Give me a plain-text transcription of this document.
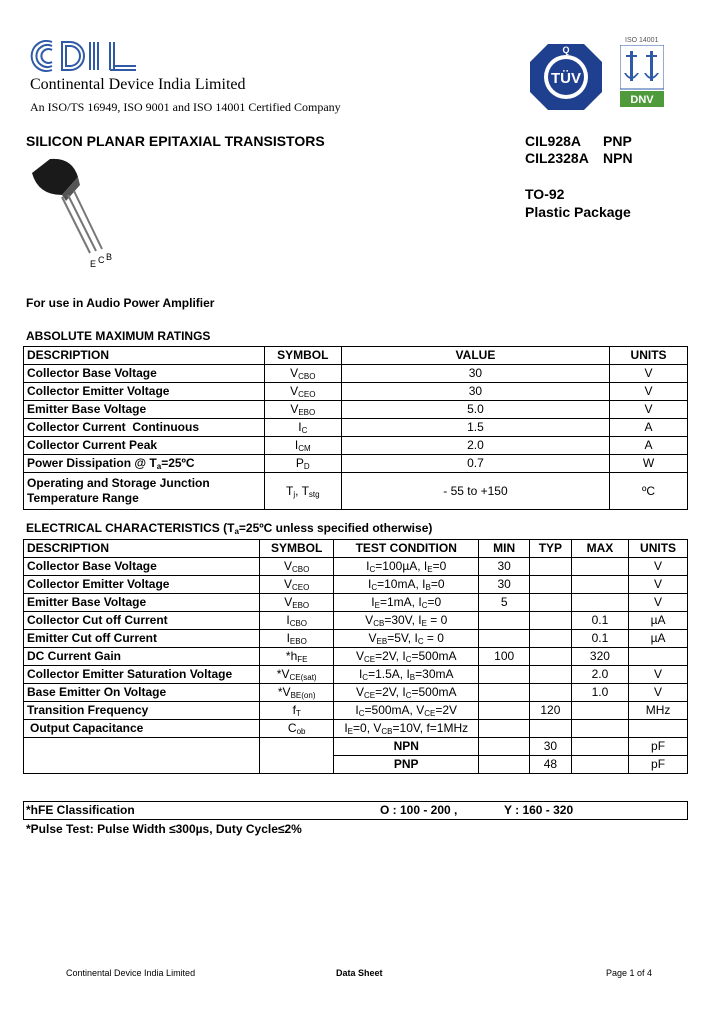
Continental Device India Limited
An ISO/TS 16949, ISO 9001 and ISO 14001 Certified Company
TÜV
Q
ISO 14001
DNV
SILICON PLANAR EPITAXIAL TRANSISTORS	CIL928A PNP
CIL2328A NPN
TO-92
Plastic Package
E C B
For use in Audio Power Amplifier
ABSOLUTE MAXIMUM RATINGS
DESCRIPTION	SYMBOL	VALUE	UNITS
Collector Base Voltage	$V_{CBO}$	30	V
Collector Emitter Voltage	$V_{CEO}$	30	V
Emitter Base Voltage	$V_{EBO}$	5.0	V
Collector Current  Continuous	$I_C$	1.5	A
Collector Current Peak	$I_{CM}$	2.0	A
Power Dissipation @ $T_a=25ºC$	$P_D$	0.7	W
Operating and Storage Junction
Temperature Range	$T_j$, $T_{stg}$	- 55 to +150	ºC
ELECTRICAL CHARACTERISTICS ($T_a=25ºC$ unless specified otherwise)
DESCRIPTION	SYMBOL	TEST CONDITION	MIN	TYP	MAX	UNITS
Collector Base Voltage	$V_{CBO}$	$I_C=100\mu A$, $I_E=0$	30			V
Collector Emitter Voltage	$V_{CEO}$	$I_C=10mA$, $I_B=0$	30			V
Emitter Base Voltage	$V_{EBO}$	$I_E=1mA$, $I_C=0$	5			V
Collector Cut off Current	$I_{CBO}$	$V_{CB}=30V$, $I_E = 0$			0.1	µA
Emitter Cut off Current	$I_{EBO}$	$V_{EB}=5V$, $I_C = 0$			0.1	µA
DC Current Gain	$*h_{FE}$	$V_{CE}=2V$, $I_C=500mA$	100		320	
Collector Emitter Saturation Voltage	$*V_{CE(sat)}$	$I_C=1.5A$, $I_B=30mA$			2.0	V
Base Emitter On Voltage	$*V_{BE(on)}$	$V_{CE}=2V$, $I_C=500mA$			1.0	V
Transition Frequency	$f_T$	$I_C=500mA$, $V_{CE}=2V$		120		MHz
Output Capacitance	$C_{ob}$	$I_E=0$, $V_{CB}=10V$, f=1MHz				
		NPN		30		pF
		PNP		48		pF
*hFE Classification	O : 100 - 200 ,	Y : 160 - 320
*Pulse Test: Pulse Width ≤300µs, Duty Cycle≤2%
Continental Device India Limited	Data Sheet	Page 1 of 4
